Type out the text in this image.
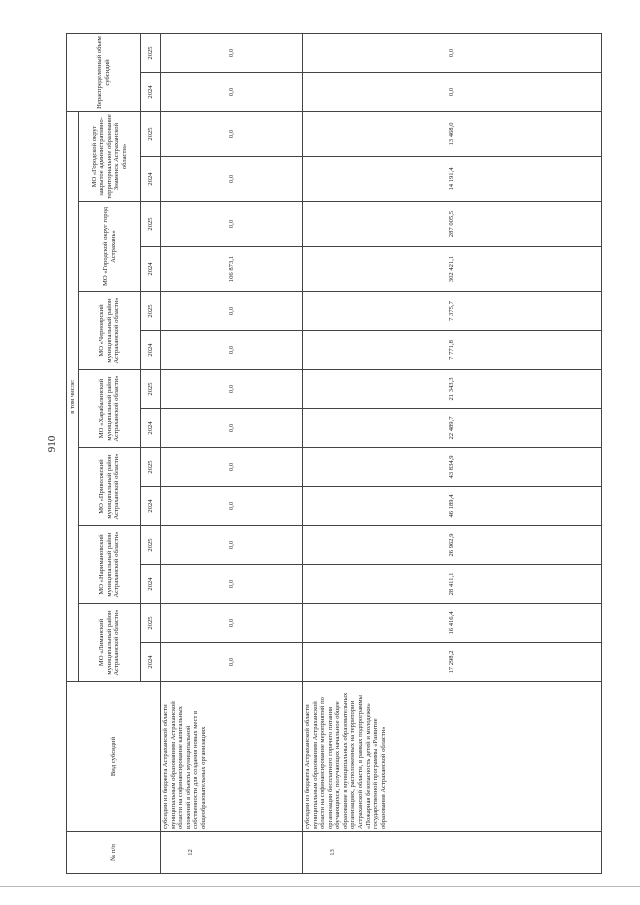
910
№ п/п	Вид субсидий	в том числе:														Нераспределенный объем субсидий	
		МО «Лиманский муниципальный район Астраханской области»		МО «Наримановский муниципальный район Астраханской области»		МО «Приволжский муниципальный район Астраханской области»		МО «Харабалинский муниципальный район Астраханской области»		МО «Черноярский муниципальный район Астраханской области»		МО «Городской округ город Астрахань»		МО «Городской округ закрытое административно-территориальное образование Знаменск Астраханской области»			
		2024	2025	2024	2025	2024	2025	2024	2025	2024	2025	2024	2025	2024	2025	2024	2025
12	субсидии из бюджета Астраханской области муниципальным образованиям Астраханской области на софинансирование капитальных вложений в объекты муниципальной собственности для создания новых мест в общеобразовательных организациях	0,0	0,0	0,0	0,0	0,0	0,0	0,0	0,0	0,0	0,0	106 873,1	0,0	0,0	0,0	0,0	0,0
13	субсидии из бюджета Астраханской области муниципальным образованиям Астраханской области на софинансирование мероприятий по организации бесплатного горячего питания обучающихся, получающих начальное общее образование в муниципальных образовательных организациях, расположенных на территории Астраханской области, в рамках подпрограммы «Пожарная безопасность детей и молодежи» государственной программы «Развитие образования Астраханской области»	17 298,2	16 416,4	28 411,1	26 962,9	46 189,4	43 834,9	22 489,7	21 343,3	7 771,8	7 375,7	302 421,1	287 005,5	14 191,4	13 468,0	0,0	0,0
